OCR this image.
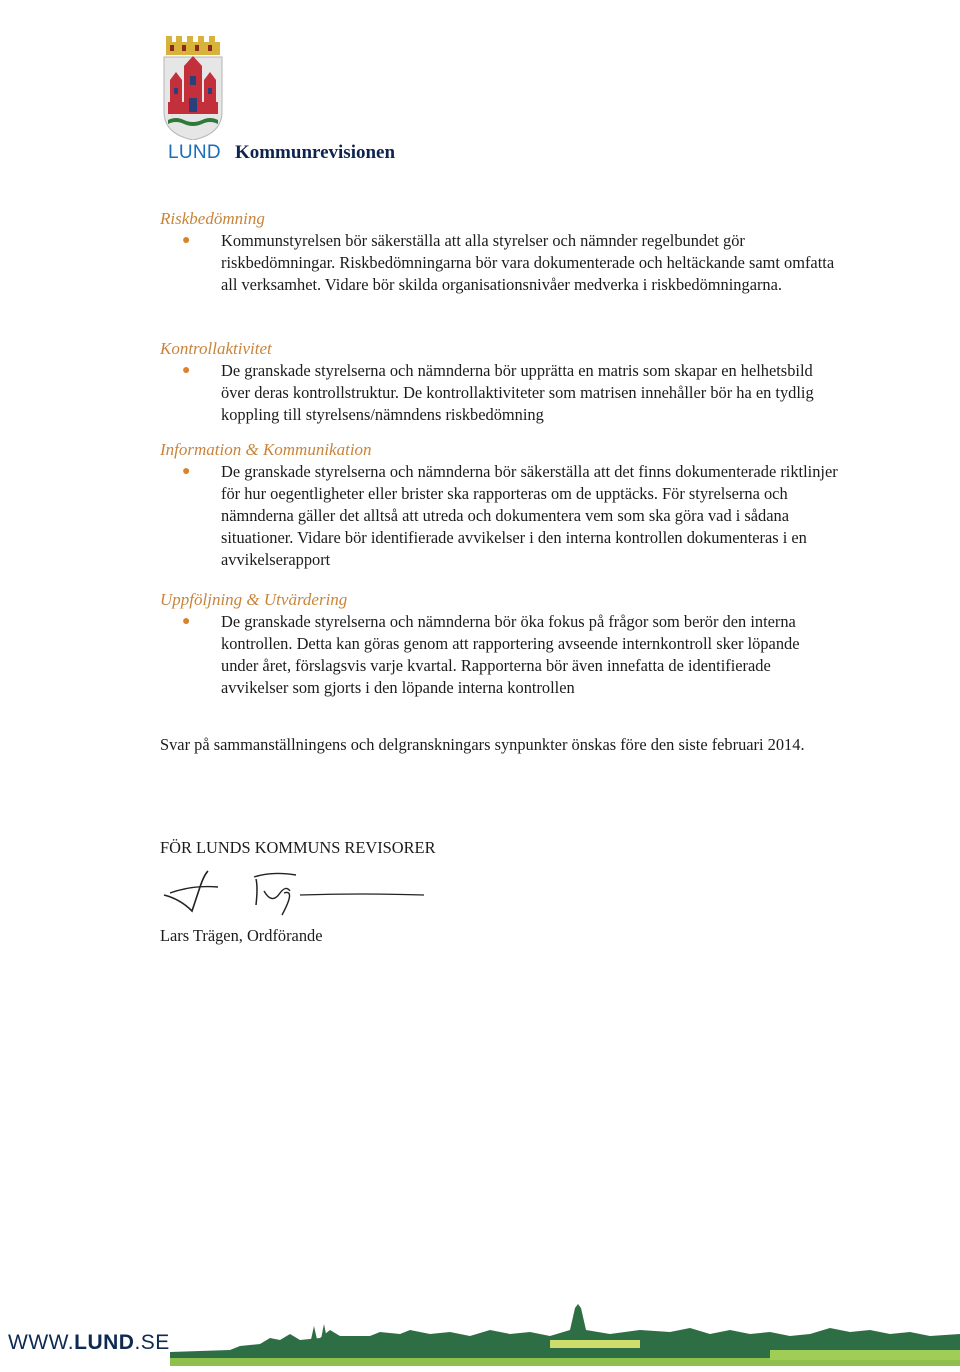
LUND Kommunrevisionen
Riskbedömning
● Kommunstyrelsen bör säkerställa att alla styrelser och nämnder regelbundet gör riskbedömningar. Riskbedömningarna bör vara dokumenterade och heltäckande samt omfatta all verksamhet. Vidare bör skilda organisationsnivåer medverka i riskbedömningarna.
Kontrollaktivitet
● De granskade styrelserna och nämnderna bör upprätta en matris som skapar en helhetsbild över deras kontrollstruktur. De kontrollaktiviteter som matrisen innehåller bör ha en tydlig koppling till styrelsens/nämndens riskbedömning
Information & Kommunikation
● De granskade styrelserna och nämnderna bör säkerställa att det finns dokumenterade riktlinjer för hur oegentligheter eller brister ska rapporteras om de upptäcks. För styrelserna och nämnderna gäller det alltså att utreda och dokumentera vem som ska göra vad i sådana situationer. Vidare bör identifierade avvikelser i den interna kontrollen dokumenteras i en avvikelserapport
Uppföljning & Utvärdering
● De granskade styrelserna och nämnderna bör öka fokus på frågor som berör den interna kontrollen. Detta kan göras genom att rapportering avseende internkontroll sker löpande under året, förslagsvis varje kvartal. Rapporterna bör även innefatta de identifierade avvikelser som gjorts i den löpande interna kontrollen
Svar på sammanställningens och delgranskningars synpunkter önskas före den siste februari 2014.
FÖR LUNDS KOMMUNS REVISORER
Lars Trägen, Ordförande
WWW.LUND.SE
